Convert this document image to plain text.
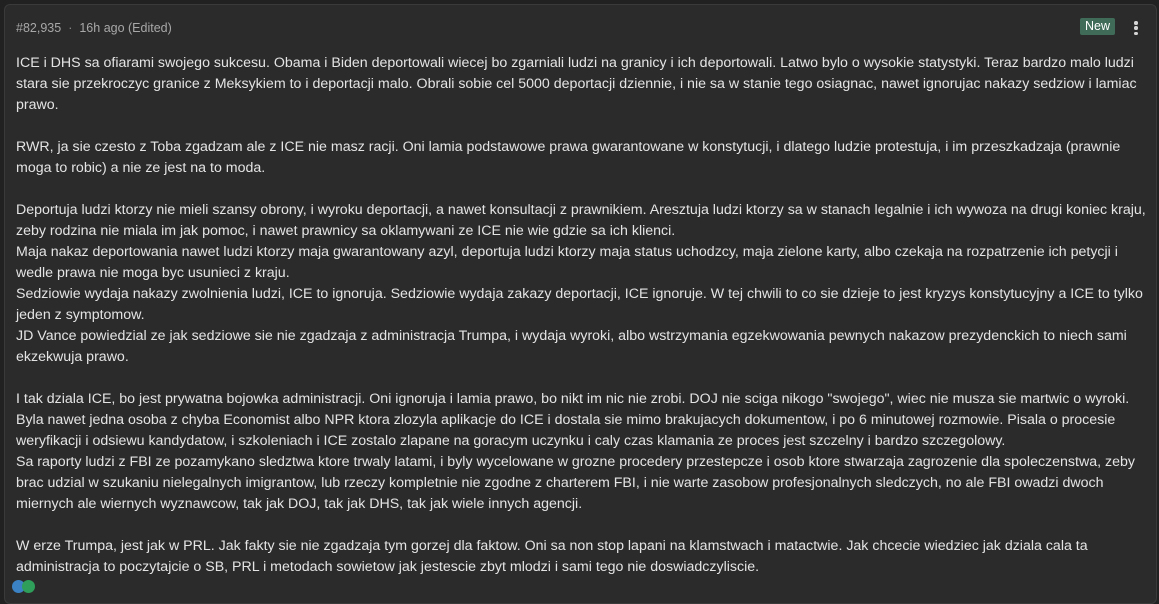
#82,935 · 16h ago (Edited)	New

ICE i DHS sa ofiarami swojego sukcesu. Obama i Biden deportowali wiecej bo zgarniali ludzi na granicy i ich deportowali. Latwo bylo o wysokie statystyki. Teraz bardzo malo ludzi stara sie przekroczyc granice z Meksykiem to i deportacji malo. Obrali sobie cel 5000 deportacji dziennie, i nie sa w stanie tego osiagnac, nawet ignorujac nakazy sedziow i lamiac prawo.

RWR, ja sie czesto z Toba zgadzam ale z ICE nie masz racji. Oni lamia podstawowe prawa gwarantowane w konstytucji, i dlatego ludzie protestuja, i im przeszkadzaja (prawnie moga to robic) a nie ze jest na to moda.

Deportuja ludzi ktorzy nie mieli szansy obrony, i wyroku deportacji, a nawet konsultacji z prawnikiem. Aresztuja ludzi ktorzy sa w stanach legalnie i ich wywoza na drugi koniec kraju, zeby rodzina nie miala im jak pomoc, i nawet prawnicy sa oklamywani ze ICE nie wie gdzie sa ich klienci.
Maja nakaz deportowania nawet ludzi ktorzy maja gwarantowany azyl, deportuja ludzi ktorzy maja status uchodzcy, maja zielone karty, albo czekaja na rozpatrzenie ich petycji i wedle prawa nie moga byc usunieci z kraju.
Sedziowie wydaja nakazy zwolnienia ludzi, ICE to ignoruja. Sedziowie wydaja zakazy deportacji, ICE ignoruje. W tej chwili to co sie dzieje to jest kryzys konstytucyjny a ICE to tylko jeden z symptomow.
JD Vance powiedzial ze jak sedziowe sie nie zgadzaja z administracja Trumpa, i wydaja wyroki, albo wstrzymania egzekwowania pewnych nakazow prezydenckich to niech sami ekzekwuja prawo.

I tak dziala ICE, bo jest prywatna bojowka administracji. Oni ignoruja i lamia prawo, bo nikt im nic nie zrobi. DOJ nie sciga nikogo "swojego", wiec nie musza sie martwic o wyroki. Byla nawet jedna osoba z chyba Economist albo NPR ktora zlozyla aplikacje do ICE i dostala sie mimo brakujacych dokumentow, i po 6 minutowej rozmowie. Pisala o procesie weryfikacji i odsiewu kandydatow, i szkoleniach i ICE zostalo zlapane na goracym uczynku i caly czas klamania ze proces jest szczelny i bardzo szczegolowy.
Sa raporty ludzi z FBI ze pozamykano sledztwa ktore trwaly latami, i byly wycelowane w grozne procedery przestepcze i osob ktore stwarzaja zagrozenie dla spoleczenstwa, zeby brac udzial w szukaniu nielegalnych imigrantow, lub rzeczy kompletnie nie zgodne z charterem FBI, i nie warte zasobow profesjonalnych sledczych, no ale FBI owadzi dwoch miernych ale wiernych wyznawcow, tak jak DOJ, tak jak DHS, tak jak wiele innych agencji.

W erze Trumpa, jest jak w PRL. Jak fakty sie nie zgadzaja tym gorzej dla faktow. Oni sa non stop lapani na klamstwach i matactwie. Jak chcecie wiedziec jak dziala cala ta administracja to poczytajcie o SB, PRL i metodach sowietow jak jestescie zbyt mlodzi i sami tego nie doswiadczyliscie.
